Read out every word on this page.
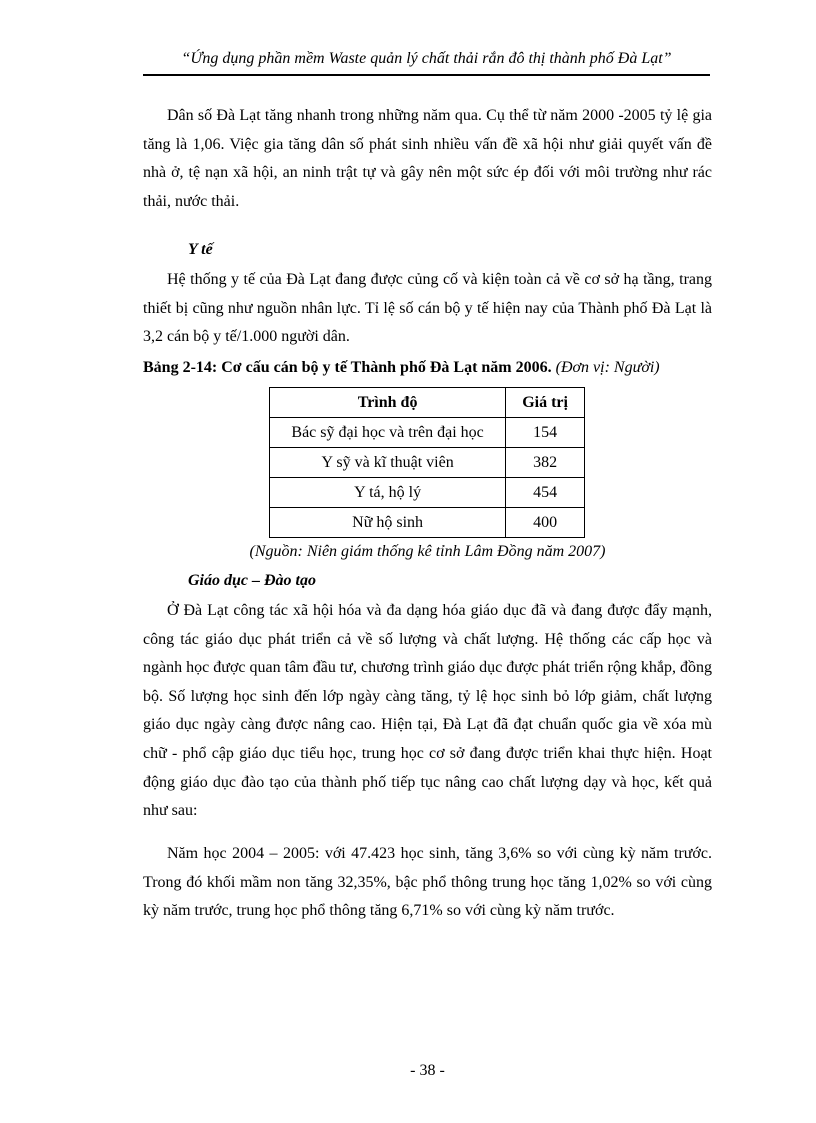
“Ứng dụng phần mềm Waste quản lý chất thải rắn đô thị thành phố Đà Lạt”

Dân số Đà Lạt tăng nhanh trong những năm qua. Cụ thể từ năm 2000 -2005 tỷ lệ gia tăng là 1,06. Việc gia tăng dân số phát sinh nhiều vấn đề xã hội như giải quyết vấn đề nhà ở, tệ nạn xã hội, an ninh trật tự và gây nên một sức ép đối với môi trường như rác thải, nước thải.

Y tế

Hệ thống y tế của Đà Lạt đang được củng cố và kiện toàn cả về cơ sở hạ tầng, trang thiết bị cũng như nguồn nhân lực. Tỉ lệ số cán bộ y tế hiện nay của Thành phố Đà Lạt là 3,2 cán bộ y tế/1.000 người dân.

Bảng 2-14: Cơ cấu cán bộ y tế Thành phố Đà Lạt năm 2006. (Đơn vị: Người)
Trình độ	Giá trị
Bác sỹ đại học và trên đại học	154
Y sỹ và kĩ thuật viên	382
Y tá, hộ lý	454
Nữ hộ sinh	400
(Nguồn: Niên giám thống kê tỉnh Lâm Đồng năm 2007)
Giáo dục – Đào tạo

Ở Đà Lạt công tác xã hội hóa và đa dạng hóa giáo dục đã và đang được đẩy mạnh, công tác giáo dục phát triển cả về số lượng và chất lượng. Hệ thống các cấp học và ngành học được quan tâm đầu tư, chương trình giáo dục được phát triển rộng khắp, đồng bộ. Số lượng học sinh đến lớp ngày càng tăng, tỷ lệ học sinh bỏ lớp giảm, chất lượng giáo dục ngày càng được nâng cao. Hiện tại, Đà Lạt đã đạt chuẩn quốc gia về xóa mù chữ - phổ cập giáo dục tiểu học, trung học cơ sở đang được triển khai thực hiện. Hoạt động giáo dục đào tạo của thành phố tiếp tục nâng cao chất lượng dạy và học, kết quả như sau:

Năm học 2004 – 2005: với 47.423 học sinh, tăng 3,6% so với cùng kỳ năm trước. Trong đó khối mầm non tăng 32,35%, bậc phổ thông trung học tăng 1,02% so với cùng kỳ năm trước, trung học phổ thông tăng 6,71% so với cùng kỳ năm trước.

- 38 -
